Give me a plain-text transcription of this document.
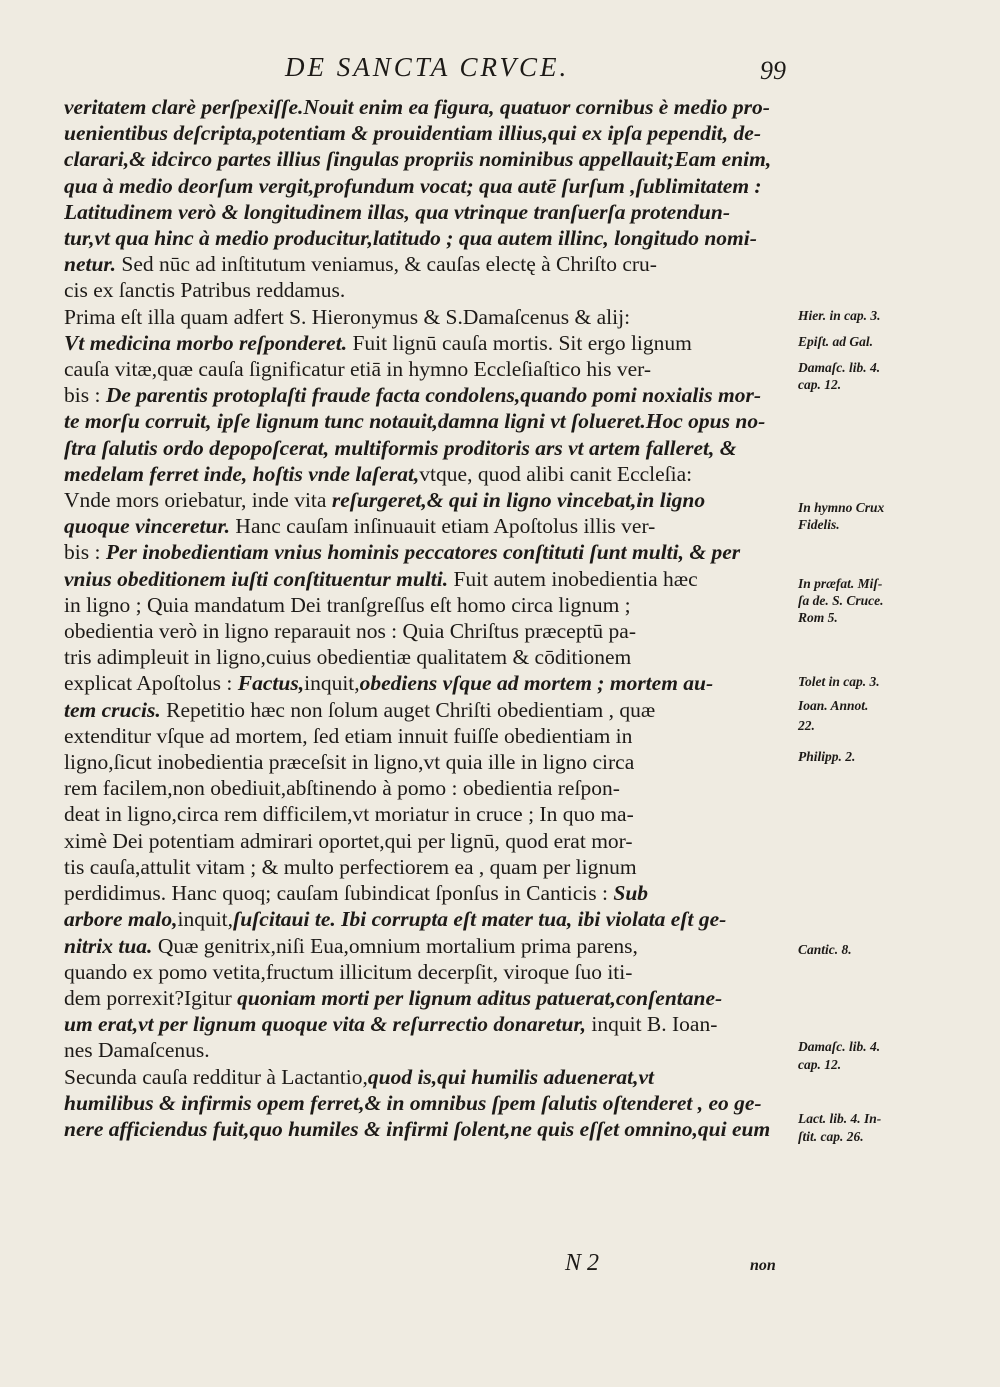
DE SANCTA CRVCE.	99
veritatem clarè perſpexiſſe.Nouit enim ea figura, quatuor cornibus è medio pro-
uenientibus deſcripta,potentiam & prouidentiam illius,qui ex ipſa pependit, de-
clarari,& idcirco partes illius ſingulas propriis nominibus appellauit;Eam enim,
qua à medio deorſum vergit,profundum vocat; qua autē ſurſum ,ſublimitatem :
Latitudinem verò & longitudinem illas, qua vtrinque tranſuerſa protendun-
tur,vt qua hinc à medio producitur,latitudo ; qua autem illinc, longitudo nomi-
netur. Sed nūc ad inſtitutum veniamus, & cauſas electę à Chriſto cru-
cis ex ſanctis Patribus reddamus.
Prima eſt illa quam adfert S. Hieronymus & S.Damaſcenus & alij:
Vt medicina morbo reſponderet. Fuit lignū cauſa mortis. Sit ergo lignum
cauſa vitæ,quæ cauſa ſignificatur etiā in hymno Eccleſiaſtico his ver-
bis : De parentis protoplaſti fraude facta condolens,quando pomi noxialis mor-
te morſu corruit, ipſe lignum tunc notauit,damna ligni vt ſolueret.Hoc opus no-
ſtra ſalutis ordo depopoſcerat, multiformis proditoris ars vt artem falleret, &
medelam ferret inde, hoſtis vnde laſerat,vtque, quod alibi canit Eccleſia:
Vnde mors oriebatur, inde vita reſurgeret,& qui in ligno vincebat,in ligno
quoque vinceretur. Hanc cauſam inſinuauit etiam Apoſtolus illis ver-
bis : Per inobedientiam vnius hominis peccatores conſtituti ſunt multi, & per
vnius obeditionem iuſti conſtituentur multi. Fuit autem inobedientia hæc
in ligno ; Quia mandatum Dei tranſgreſſus eſt homo circa lignum ;
obedientia verò in ligno reparauit nos : Quia Chriſtus præceptū pa-
tris adimpleuit in ligno,cuius obedientiæ qualitatem & cōditionem
explicat Apoſtolus : Factus,inquit,obediens vſque ad mortem ; mortem au-
tem crucis. Repetitio hæc non ſolum auget Chriſti obedientiam , quæ
extenditur vſque ad mortem, ſed etiam innuit fuiſſe obedientiam in
ligno,ſicut inobedientia præceſsit in ligno,vt quia ille in ligno circa
rem facilem,non obediuit,abſtinendo à pomo : obedientia reſpon-
deat in ligno,circa rem difficilem,vt moriatur in cruce ; In quo ma-
ximè Dei potentiam admirari oportet,qui per lignū, quod erat mor-
tis cauſa,attulit vitam ; & multo perfectiorem ea , quam per lignum
perdidimus. Hanc quoq; cauſam ſubindicat ſponſus in Canticis : Sub
arbore malo,inquit,ſuſcitaui te. Ibi corrupta eſt mater tua, ibi violata eſt ge-
nitrix tua. Quæ genitrix,niſi Eua,omnium mortalium prima parens,
quando ex pomo vetita,fructum illicitum decerpſit, viroque ſuo iti-
dem porrexit?Igitur quoniam morti per lignum aditus patuerat,conſentane-
um erat,vt per lignum quoque vita & reſurrectio donaretur, inquit B. Ioan-
nes Damaſcenus.
Secunda cauſa redditur à Lactantio,quod is,qui humilis aduenerat,vt
humilibus & infirmis opem ferret,& in omnibus ſpem ſalutis oſtenderet , eo ge-
nere afficiendus fuit,quo humiles & infirmi ſolent,ne quis eſſet omnino,qui eum
Hier. in cap. 3.
Epiſt. ad Gal.
Damaſc. lib. 4.
cap. 12.
In hymno Crux
Fidelis.
In præfat. Miſ-
ſa de. S. Cruce.
Rom 5.
Tolet in cap. 3.
Ioan. Annot.
22.
Philipp. 2.
Cantic. 8.
Damaſc. lib. 4.
cap. 12.
Lact. lib. 4. In-
ſtit. cap. 26.
N 2	non
